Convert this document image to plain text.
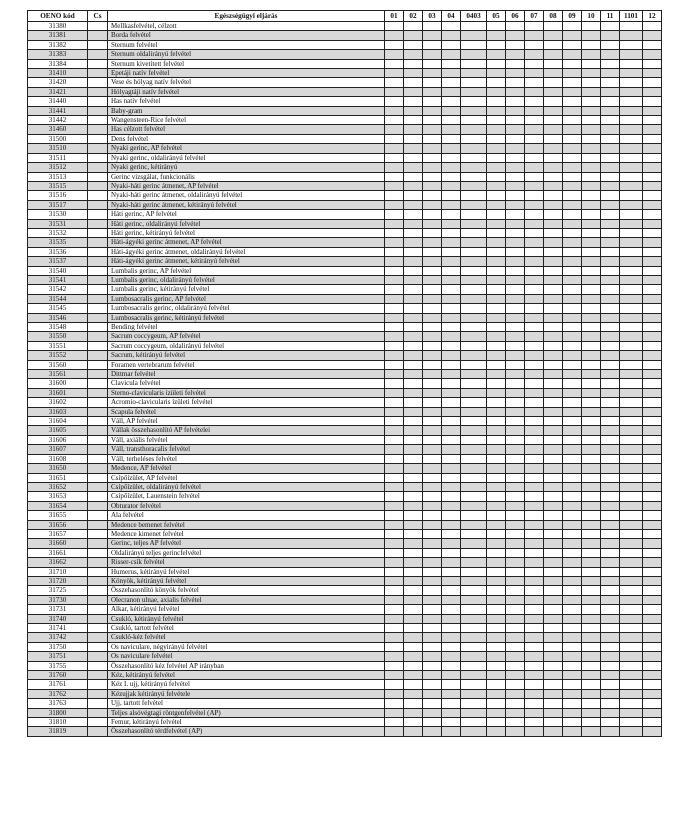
OENO kód	Cs	Egészségügyi eljárás	01	02	03	04	0403	05	06	07	08	09	10	11	1101	12
31380		Mellkasfelvétel, célzott														
31381		Borda felvétel														
31382		Sternum felvétel														
31383		Sternum oldalirányú felvétel														
31384		Sternum kivetített felvétel														
31410		Epetáji natív felvétel														
31420		Vese és hólyag natív felvétel														
31421		Hólyagtáji natív felvétel														
31440		Has natív felvétel														
31441		Baby-gram														
31442		Wangensteen-Rice felvétel														
31460		Has célzott felvétel														
31500		Dens felvétel														
31510		Nyaki gerinc, AP felvétel														
31511		Nyaki gerinc, oldalirányú felvétel														
31512		Nyaki gerinc, kétirányú														
31513		Gerinc vizsgálat, funkcionális														
31515		Nyaki-háti gerinc átmenet, AP felvétel														
31516		Nyaki-háti gerinc átmenet, oldalirányú felvétel														
31517		Nyaki-háti gerinc átmenet, kétirányú felvétel														
31530		Háti gerinc, AP felvétel														
31531		Háti gerinc, oldalirányú felvétel														
31532		Háti gerinc, kétirányú felvétel														
31535		Háti-ágyéki gerinc átmenet, AP felvétel														
31536		Háti-ágyéki gerinc átmenet, oldalirányú felvétel														
31537		Háti-ágyéki gerinc átmenet, kétirányú felvétel														
31540		Lumbalis gerinc, AP felvétel														
31541		Lumbalis gerinc, oldalirányú felvétel														
31542		Lumbalis gerinc, kétirányú felvétel														
31544		Lumbosacralis gerinc, AP felvétel														
31545		Lumbosacralis gerinc, oldalirányú felvétel														
31546		Lumbosacralis gerinc, kétirányú felvétel														
31548		Bending felvétel														
31550		Sacrum coccygeum, AP felvétel														
31551		Sacrum coccygeum, oldalirányú felvétel														
31552		Sacrum, kétirányú felvétel														
31560		Foramen vertebrarum felvétel														
31561		Dittmar felvétel														
31600		Clavicula felvétel														
31601		Sterno-clavicularis ízületi felvétel														
31602		Acromio-clavicularis ízületi felvétel														
31603		Scapula felvétel														
31604		Váll, AP felvétel														
31605		Vállak összehasonlító AP felvételei														
31606		Váll, axiális felvétel														
31607		Váll, transthoracalis felvétel														
31608		Váll, terheléses felvétel														
31650		Medence, AP felvétel														
31651		Csípőízület, AP felvétel														
31652		Csípőízület, oldalirányú felvétel														
31653		Csípőízület, Lauenstein felvétel														
31654		Obturator felvétel														
31655		Ala felvétel														
31656		Medence bemenet felvétel														
31657		Medence kimenet felvétel														
31660		Gerinc, teljes AP felvétel														
31661		Oldalirányú teljes gerincfelvétel														
31662		Risser-csík felvétel														
31710		Humerus, kétirányú felvétel														
31720		Könyök, kétirányú felvétel														
31725		Összehasonlító könyök felvétel														
31730		Olecranon ulnae, axialis felvétel														
31731		Alkar, kétirányú felvétel														
31740		Csukló, kétirányú felvétel														
31741		Csukló, tartott felvétel														
31742		Csukló-kéz felvétel														
31750		Os naviculare, négyirányú felvétel														
31751		Os naviculare felvétel														
31755		Összehasonlító kéz felvétel AP irányban														
31760		Kéz, kétirányú felvétel														
31761		Kéz I. ujj, kétirányú felvétel														
31762		Kézujjak kétirányú felvétele														
31763		Ujj, tartott felvétel														
31800		Teljes alsóvégtagi röntgenfelvétel (AP)														
31810		Femur, kétirányú felvétel														
31819		Összehasonlító térdfelvétel (AP)														
